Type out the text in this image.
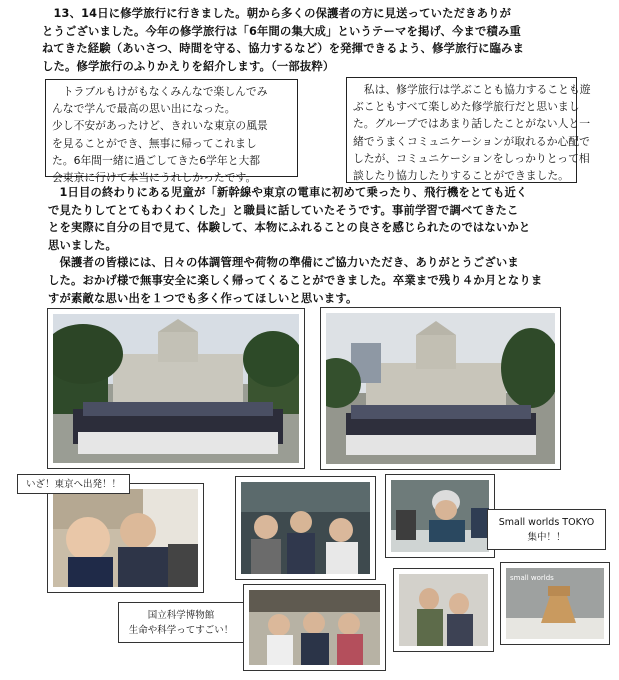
　13、14日に修学旅行に行きました。朝から多くの保護者の方に見送っていただきありが
とうございました。今年の修学旅行は「6年間の集大成」というテーマを掲げ、今まで積み重
ねてきた経験（あいさつ、時間を守る、協力するなど）を発揮できるよう、修学旅行に臨みま
した。修学旅行のふりかえりを紹介します。（一部抜粋）
　トラブルもけがもなくみんなで楽しんでみ
んなで学んで最高の思い出になった。
少し不安があったけど、きれいな東京の風景
を見ることができ、無事に帰ってこれまし
た。6年間一緒に過ごしてきた6学年と大都
会東京に行けて本当にうれしかったです。
　私は、修学旅行は学ぶことも協力することも遊
ぶこともすべて楽しめた修学旅行だと思いまし
た。グループではあまり話したことがない人と一
緒でうまくコミュニケーションが取れるか心配で
したが、コミュニケーションをしっかりとって相
談したり協力したりすることができました。
　1日目の終わりにある児童が「新幹線や東京の電車に初めて乗ったり、飛行機をとても近く
で見たりしてとてもわくわくした」と職員に話していたそうです。事前学習で調べてきたこ
とを実際に自分の目で見て、体験して、本物にふれることの良さを感じられたのではないかと
思いました。
　保護者の皆様には、日々の体調管理や荷物の準備にご協力いただき、ありがとうございま
した。おかげ様で無事安全に楽しく帰ってくることができました。卒業まで残り４か月となりま
すが素敵な思い出を１つでも多く作ってほしいと思います。
いざ！東京へ出発！！
Small worlds TOKYO
集中！！
国立科学博物館
生命や科学ってすごい！
small worlds
